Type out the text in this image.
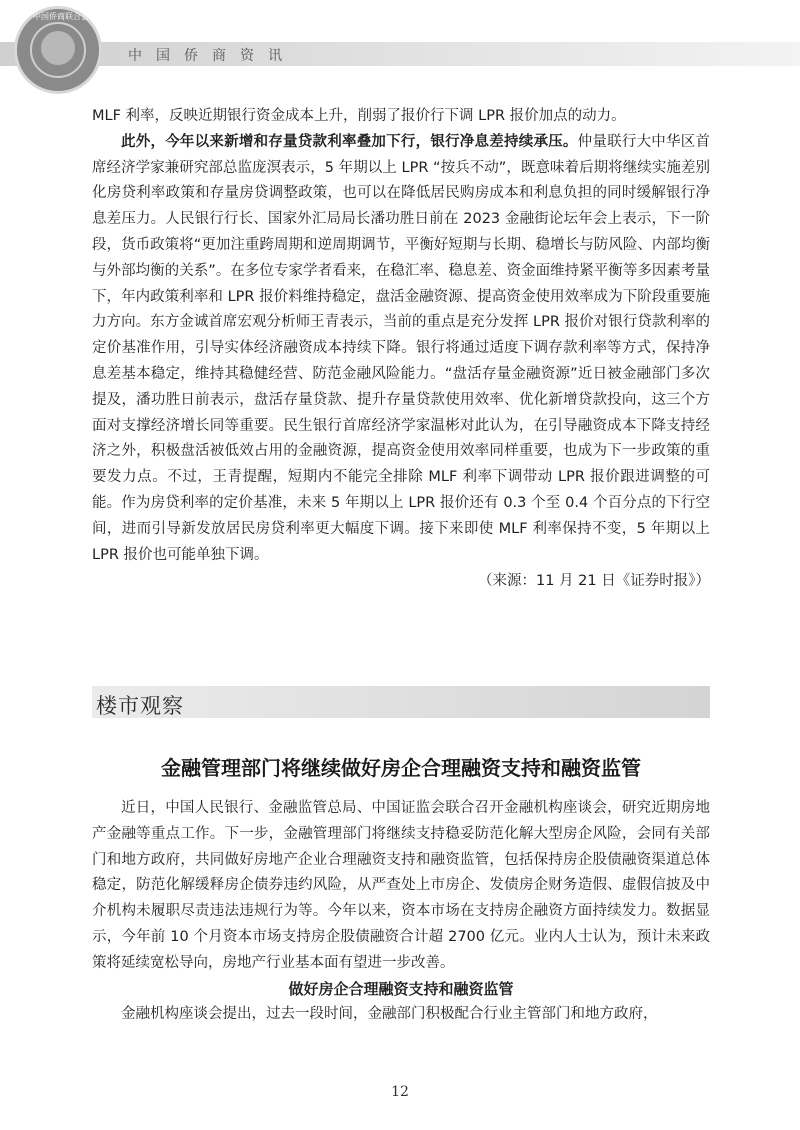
中国侨商资讯
中国侨商联合会

MLF 利率，反映近期银行资金成本上升，削弱了报价行下调 LPR 报价加点的动力。

此外，今年以来新增和存量贷款利率叠加下行，银行净息差持续承压。仲量联行大中华区首席经济学家兼研究部总监庞溟表示，5 年期以上 LPR “按兵不动”，既意味着后期将继续实施差别化房贷利率政策和存量房贷调整政策，也可以在降低居民购房成本和利息负担的同时缓解银行净息差压力。人民银行行长、国家外汇局局长潘功胜日前在 2023 金融街论坛年会上表示，下一阶段，货币政策将“更加注重跨周期和逆周期调节，平衡好短期与长期、稳增长与防风险、内部均衡与外部均衡的关系”。在多位专家学者看来，在稳汇率、稳息差、资金面维持紧平衡等多因素考量下，年内政策利率和 LPR 报价料维持稳定，盘活金融资源、提高资金使用效率成为下阶段重要施力方向。东方金诚首席宏观分析师王青表示，当前的重点是充分发挥 LPR 报价对银行贷款利率的定价基准作用，引导实体经济融资成本持续下降。银行将通过适度下调存款利率等方式，保持净息差基本稳定，维持其稳健经营、防范金融风险能力。“盘活存量金融资源”近日被金融部门多次提及，潘功胜日前表示，盘活存量贷款、提升存量贷款使用效率、优化新增贷款投向，这三个方面对支撑经济增长同等重要。民生银行首席经济学家温彬对此认为，在引导融资成本下降支持经济之外，积极盘活被低效占用的金融资源，提高资金使用效率同样重要，也成为下一步政策的重要发力点。不过，王青提醒，短期内不能完全排除 MLF 利率下调带动 LPR 报价跟进调整的可能。作为房贷利率的定价基准，未来 5 年期以上 LPR 报价还有 0.3 个至 0.4 个百分点的下行空间，进而引导新发放居民房贷利率更大幅度下调。接下来即使 MLF 利率保持不变，5 年期以上 LPR 报价也可能单独下调。

（来源：11 月 21 日《证券时报》）

楼市观察
金融管理部门将继续做好房企合理融资支持和融资监管

近日，中国人民银行、金融监管总局、中国证监会联合召开金融机构座谈会，研究近期房地产金融等重点工作。下一步，金融管理部门将继续支持稳妥防范化解大型房企风险，会同有关部门和地方政府，共同做好房地产企业合理融资支持和融资监管，包括保持房企股债融资渠道总体稳定，防范化解缓释房企债券违约风险，从严查处上市房企、发债房企财务造假、虚假信披及中介机构未履职尽责违法违规行为等。今年以来，资本市场在支持房企融资方面持续发力。数据显示，今年前 10 个月资本市场支持房企股债融资合计超 2700 亿元。业内人士认为，预计未来政策将延续宽松导向，房地产行业基本面有望进一步改善。

做好房企合理融资支持和融资监管

金融机构座谈会提出，过去一段时间，金融部门积极配合行业主管部门和地方政府，

12
